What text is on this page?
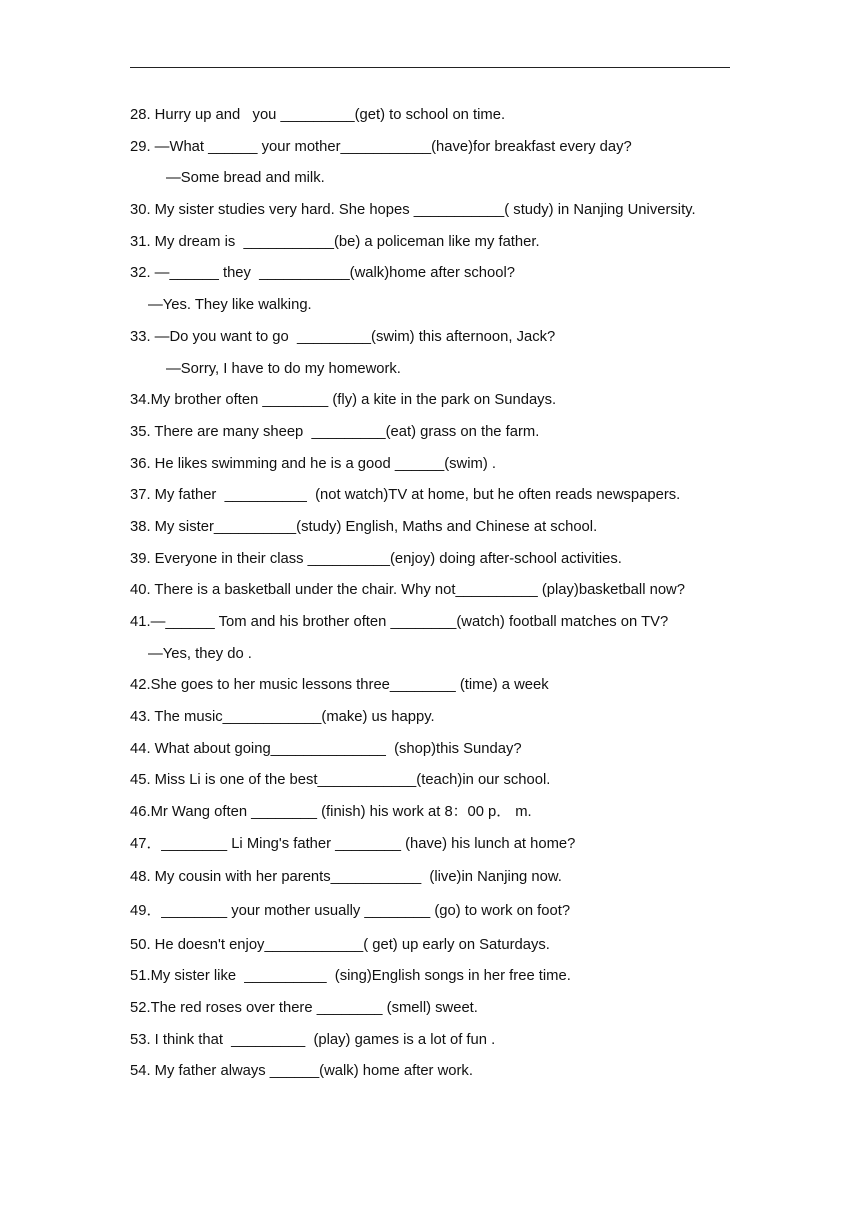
28. Hurry up and   you _________(get) to school on time.
29. —What ______ your mother___________(have)for breakfast every day?
—Some bread and milk.
30. My sister studies very hard. She hopes ___________( study) in Nanjing University.
31. My dream is  ___________(be) a policeman like my father.
32. —______ they  ___________(walk)home after school?
—Yes. They like walking.
33. —Do you want to go  _________(swim) this afternoon, Jack?
—Sorry, I have to do my homework.
34.My brother often ________ (fly) a kite in the park on Sundays.
35. There are many sheep  _________(eat) grass on the farm.
36. He likes swimming and he is a good ______(swim) .
37. My father  __________  (not watch)TV at home, but he often reads newspapers.
38. My sister__________(study) English, Maths and Chinese at school.
39. Everyone in their class __________(enjoy) doing after-school activities.
40. There is a basketball under the chair. Why not__________ (play)basketball now?
41.—______ Tom and his brother often ________(watch) football matches on TV?
—Yes, they do .
42.She goes to her music lessons three________ (time) a week
43. The music____________(make) us happy.
44. What about going______________  (shop)this Sunday?
45. Miss Li is one of the best____________(teach)in our school.
46.Mr Wang often ________ (finish) his work at 8：00 p． m.
47．________ Li Ming's father ________ (have) his lunch at home?
48. My cousin with her parents___________  (live)in Nanjing now.
49．________ your mother usually ________ (go) to work on foot?
50. He doesn't enjoy____________( get) up early on Saturdays.
51.My sister like  __________  (sing)English songs in her free time.
52.The red roses over there ________ (smell) sweet.
53. I think that  _________  (play) games is a lot of fun .
54. My father always ______(walk) home after work.
